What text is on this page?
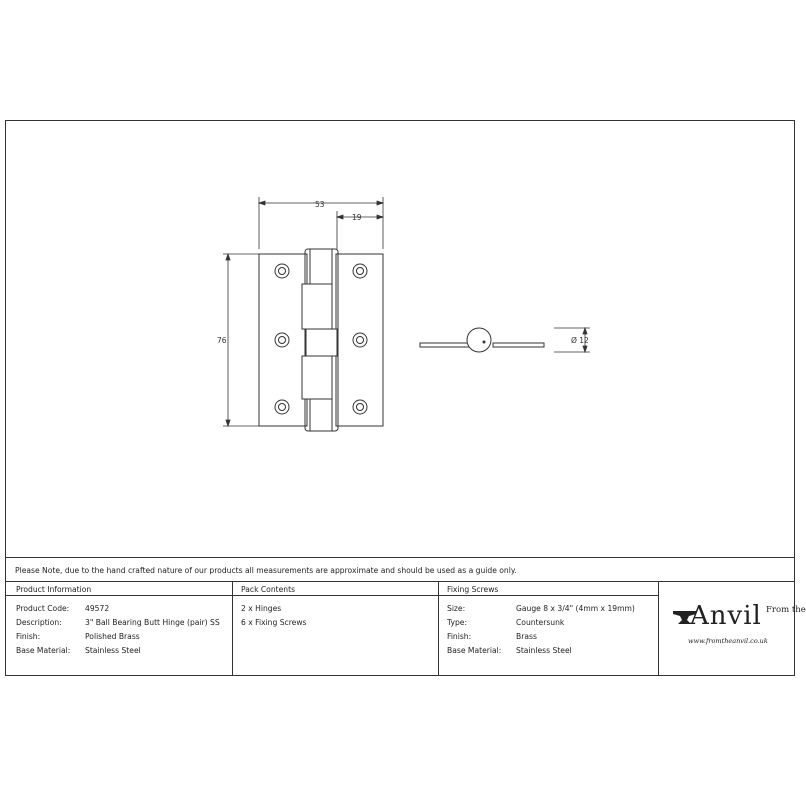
53
19
76	Ø 12
Please Note, due to the hand crafted nature of our products all measurements are approximate and should be used as a guide only.
Product Information
Product Code: 49572
Description:	3" Ball Bearing Butt Hinge (pair) SS
Finish:	Polished Brass
Base Material: Stainless Steel
Pack Contents
2 x Hinges
6 x Fixing Screws
Fixing Screws
Size:	Gauge 8 x 3/4" (4mm x 19mm)
Type:	Countersunk
Finish:	Brass
Base Material: Stainless Steel
Anvil From the
www.fromtheanvil.co.uk
